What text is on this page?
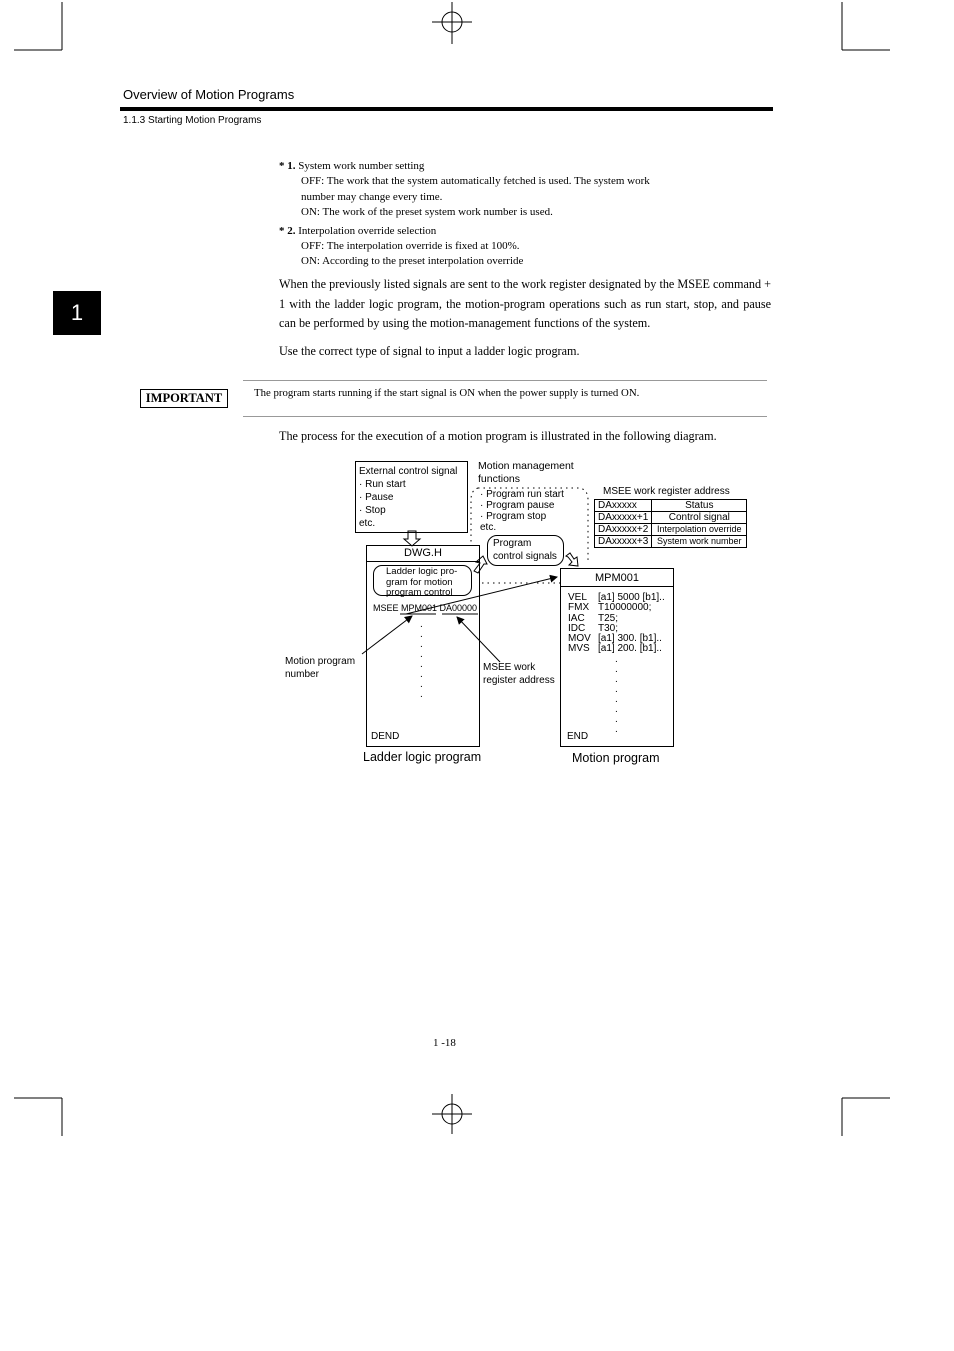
Overview of Motion Programs
1.1.3 Starting Motion Programs
1
* 1. System work number setting
OFF: The work that the system automatically fetched is used. The system work
number may change every time.
ON: The work of the preset system work number is used.
* 2. Interpolation override selection
OFF: The interpolation override is fixed at 100%.
ON: According to the preset interpolation override
When the previously listed signals are sent to the work register designated by the MSEE command + 1 with the ladder logic program, the motion-program operations such as run start, stop, and pause can be performed by using the motion-management functions of the system.
Use the correct type of signal to input a ladder logic program.
IMPORTANT	The program starts running if the start signal is ON when the power supply is turned ON.
The process for the execution of a motion program is illustrated in the following diagram.
External control signal
· Run start
· Pause
· Stop
etc.
Motion management
functions
· Program run start
· Program pause
· Program stop
etc.
Program
control signals
MSEE work register address
DAxxxxx	Status
DAxxxxx+1	Control signal
DAxxxxx+2	Interpolation override
DAxxxxx+3	System work number
DWG.H
Ladder logic pro-
gram for motion
program control
MSEE MPM001 DA00000
.
.
.
.
.
.
.
.
DEND
Ladder logic program
MPM001
VEL [a1] 5000 [b1]..
FMX T10000000;
IAC T25;
IDC T30;
MOV [a1] 300. [b1]..
MVS [a1] 200. [b1]..
.
.
.
.
.
.
.
.
END
Motion program
Motion program
number
MSEE work
register address
1 -18
